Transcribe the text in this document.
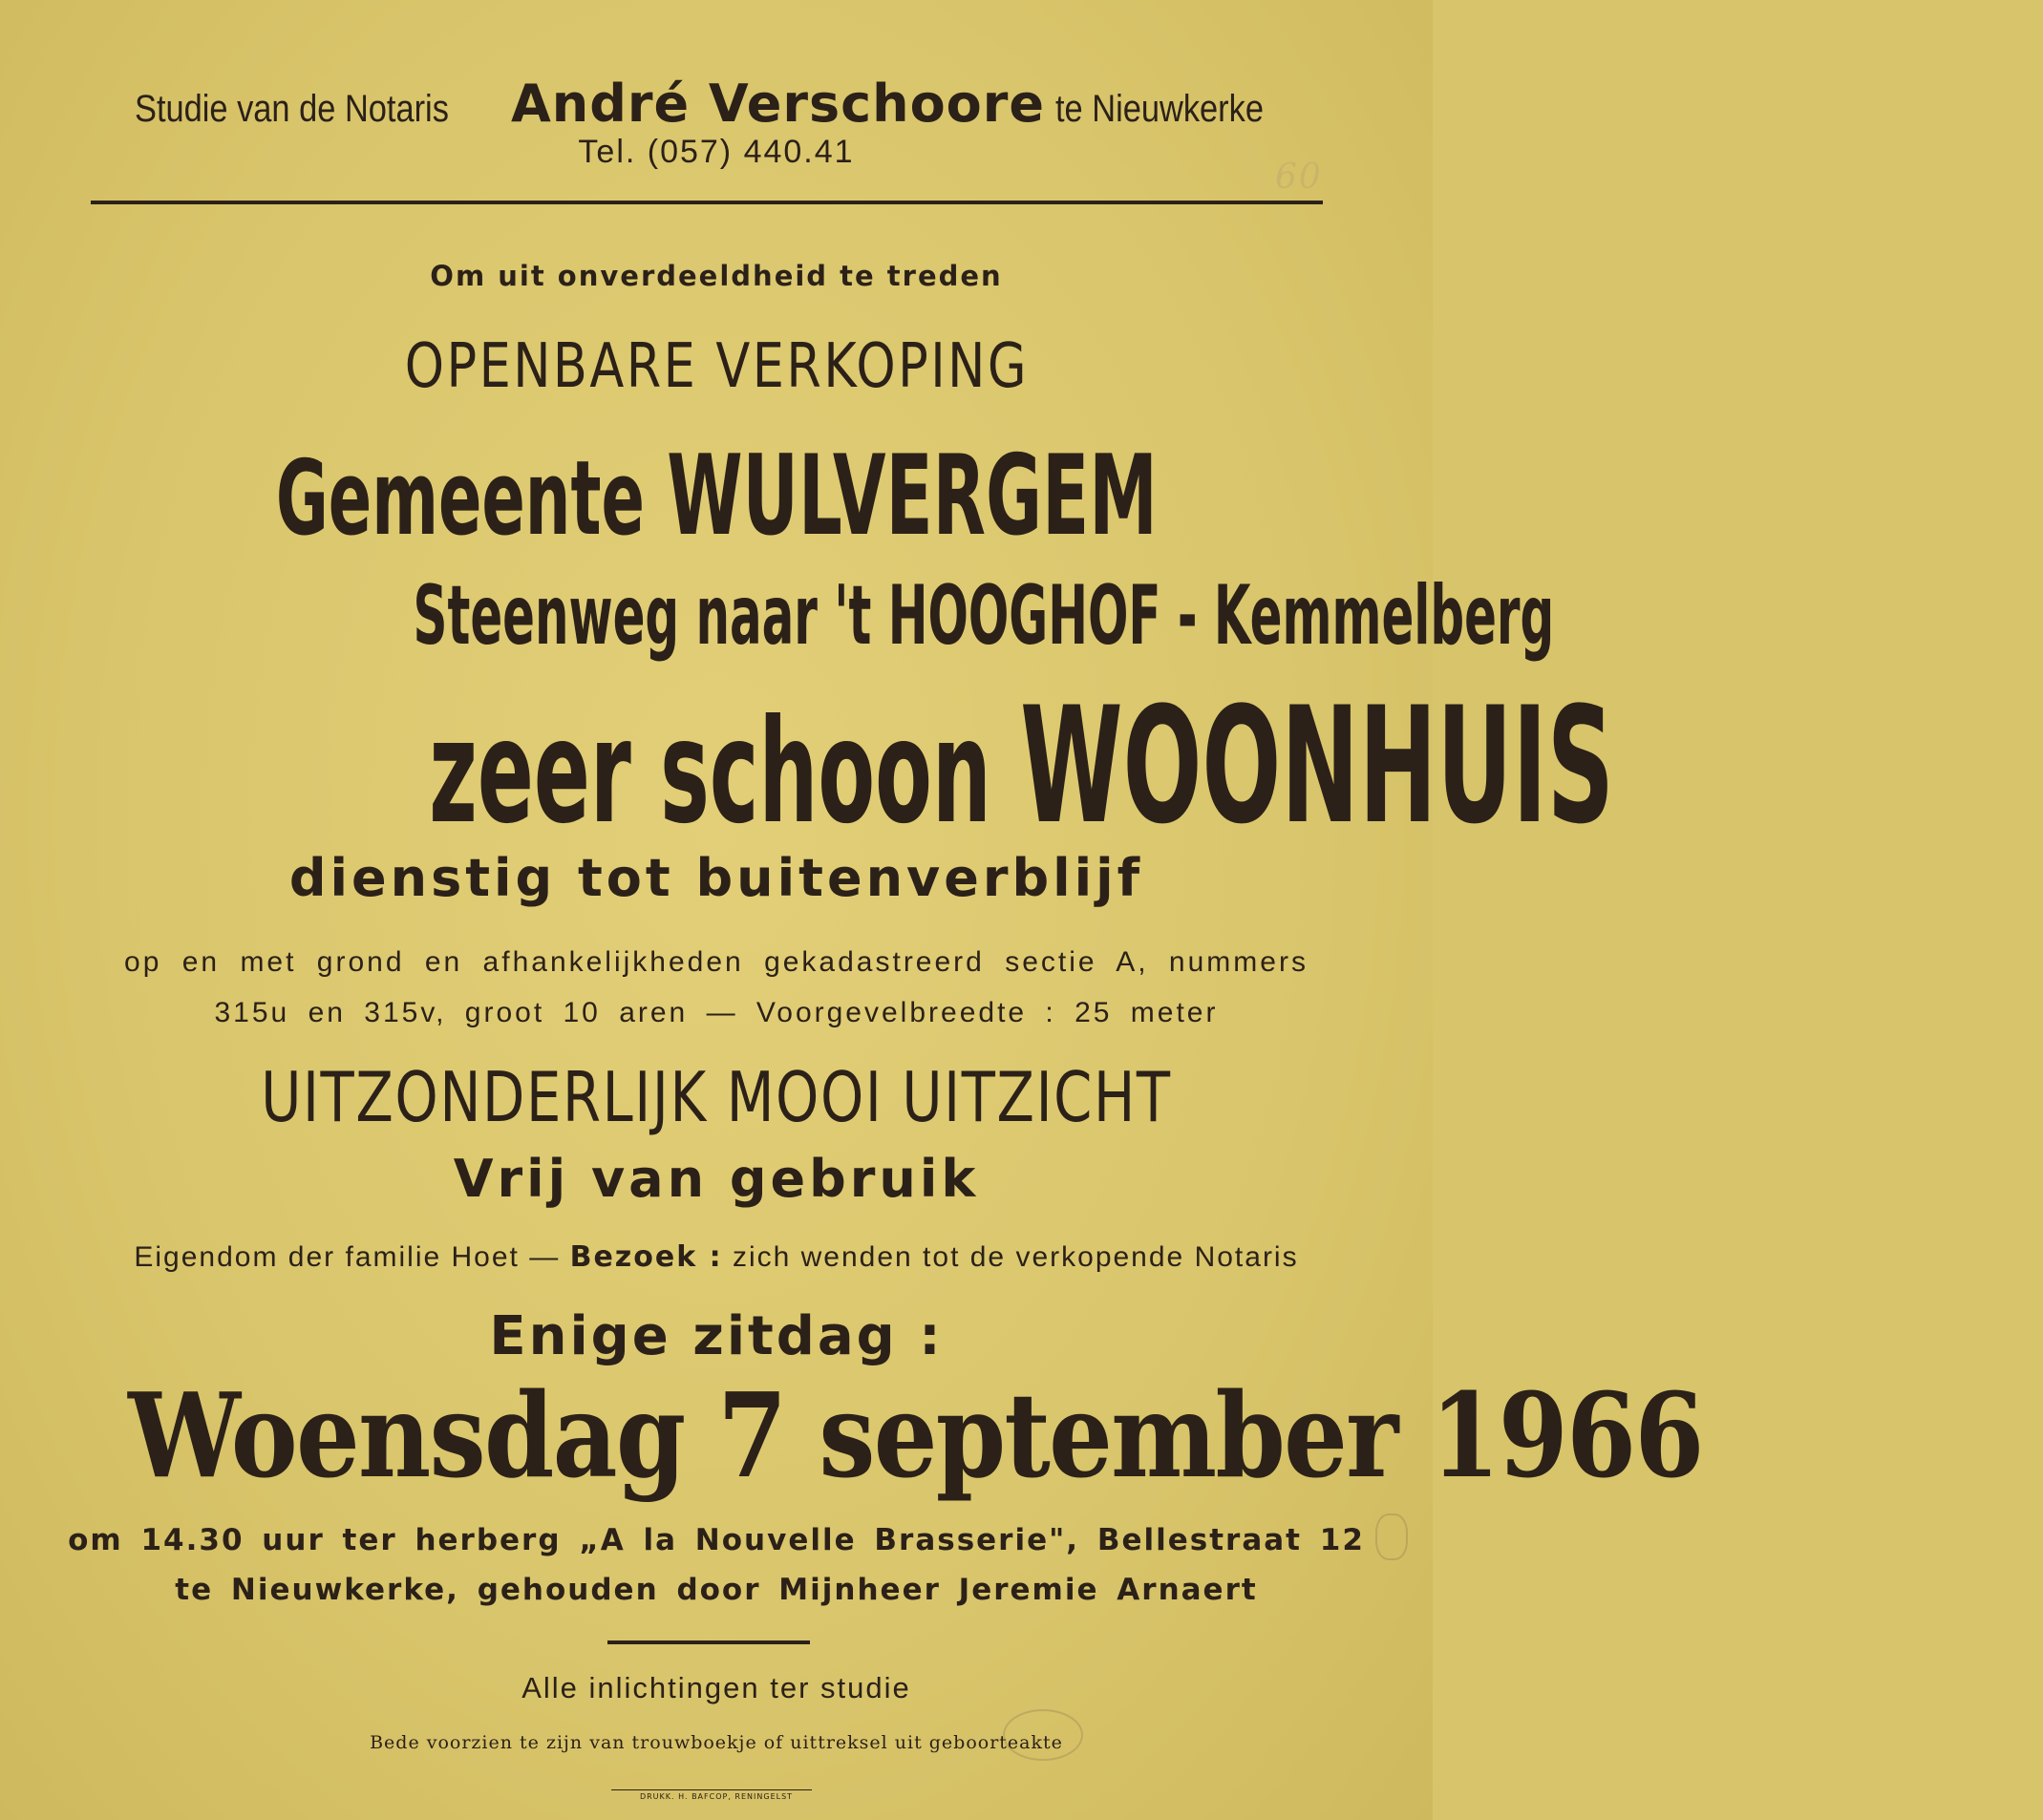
Studie van de Notaris André Verschoore te Nieuwkerke
Tel. (057) 440.41
60
Om uit onverdeeldheid te treden
OPENBARE VERKOPING
Gemeente WULVERGEM
Steenweg naar 't HOOGHOF - Kemmelberg
zeer schoon WOONHUIS
dienstig tot buitenverblijf
op en met grond en afhankelijkheden gekadastreerd sectie A, nummers
315u en 315v, groot 10 aren — Voorgevelbreedte : 25 meter
UITZONDERLIJK MOOI UITZICHT
Vrij van gebruik
Eigendom der familie Hoet — Bezoek : zich wenden tot de verkopende Notaris
Enige zitdag :
Woensdag 7 september 1966
om 14.30 uur ter herberg „A la Nouvelle Brasserie", Bellestraat 12
te Nieuwkerke, gehouden door Mijnheer Jeremie Arnaert
Alle inlichtingen ter studie
Bede voorzien te zijn van trouwboekje of uittreksel uit geboorteakte
DRUKK. H. BAFCOP, RENINGELST
